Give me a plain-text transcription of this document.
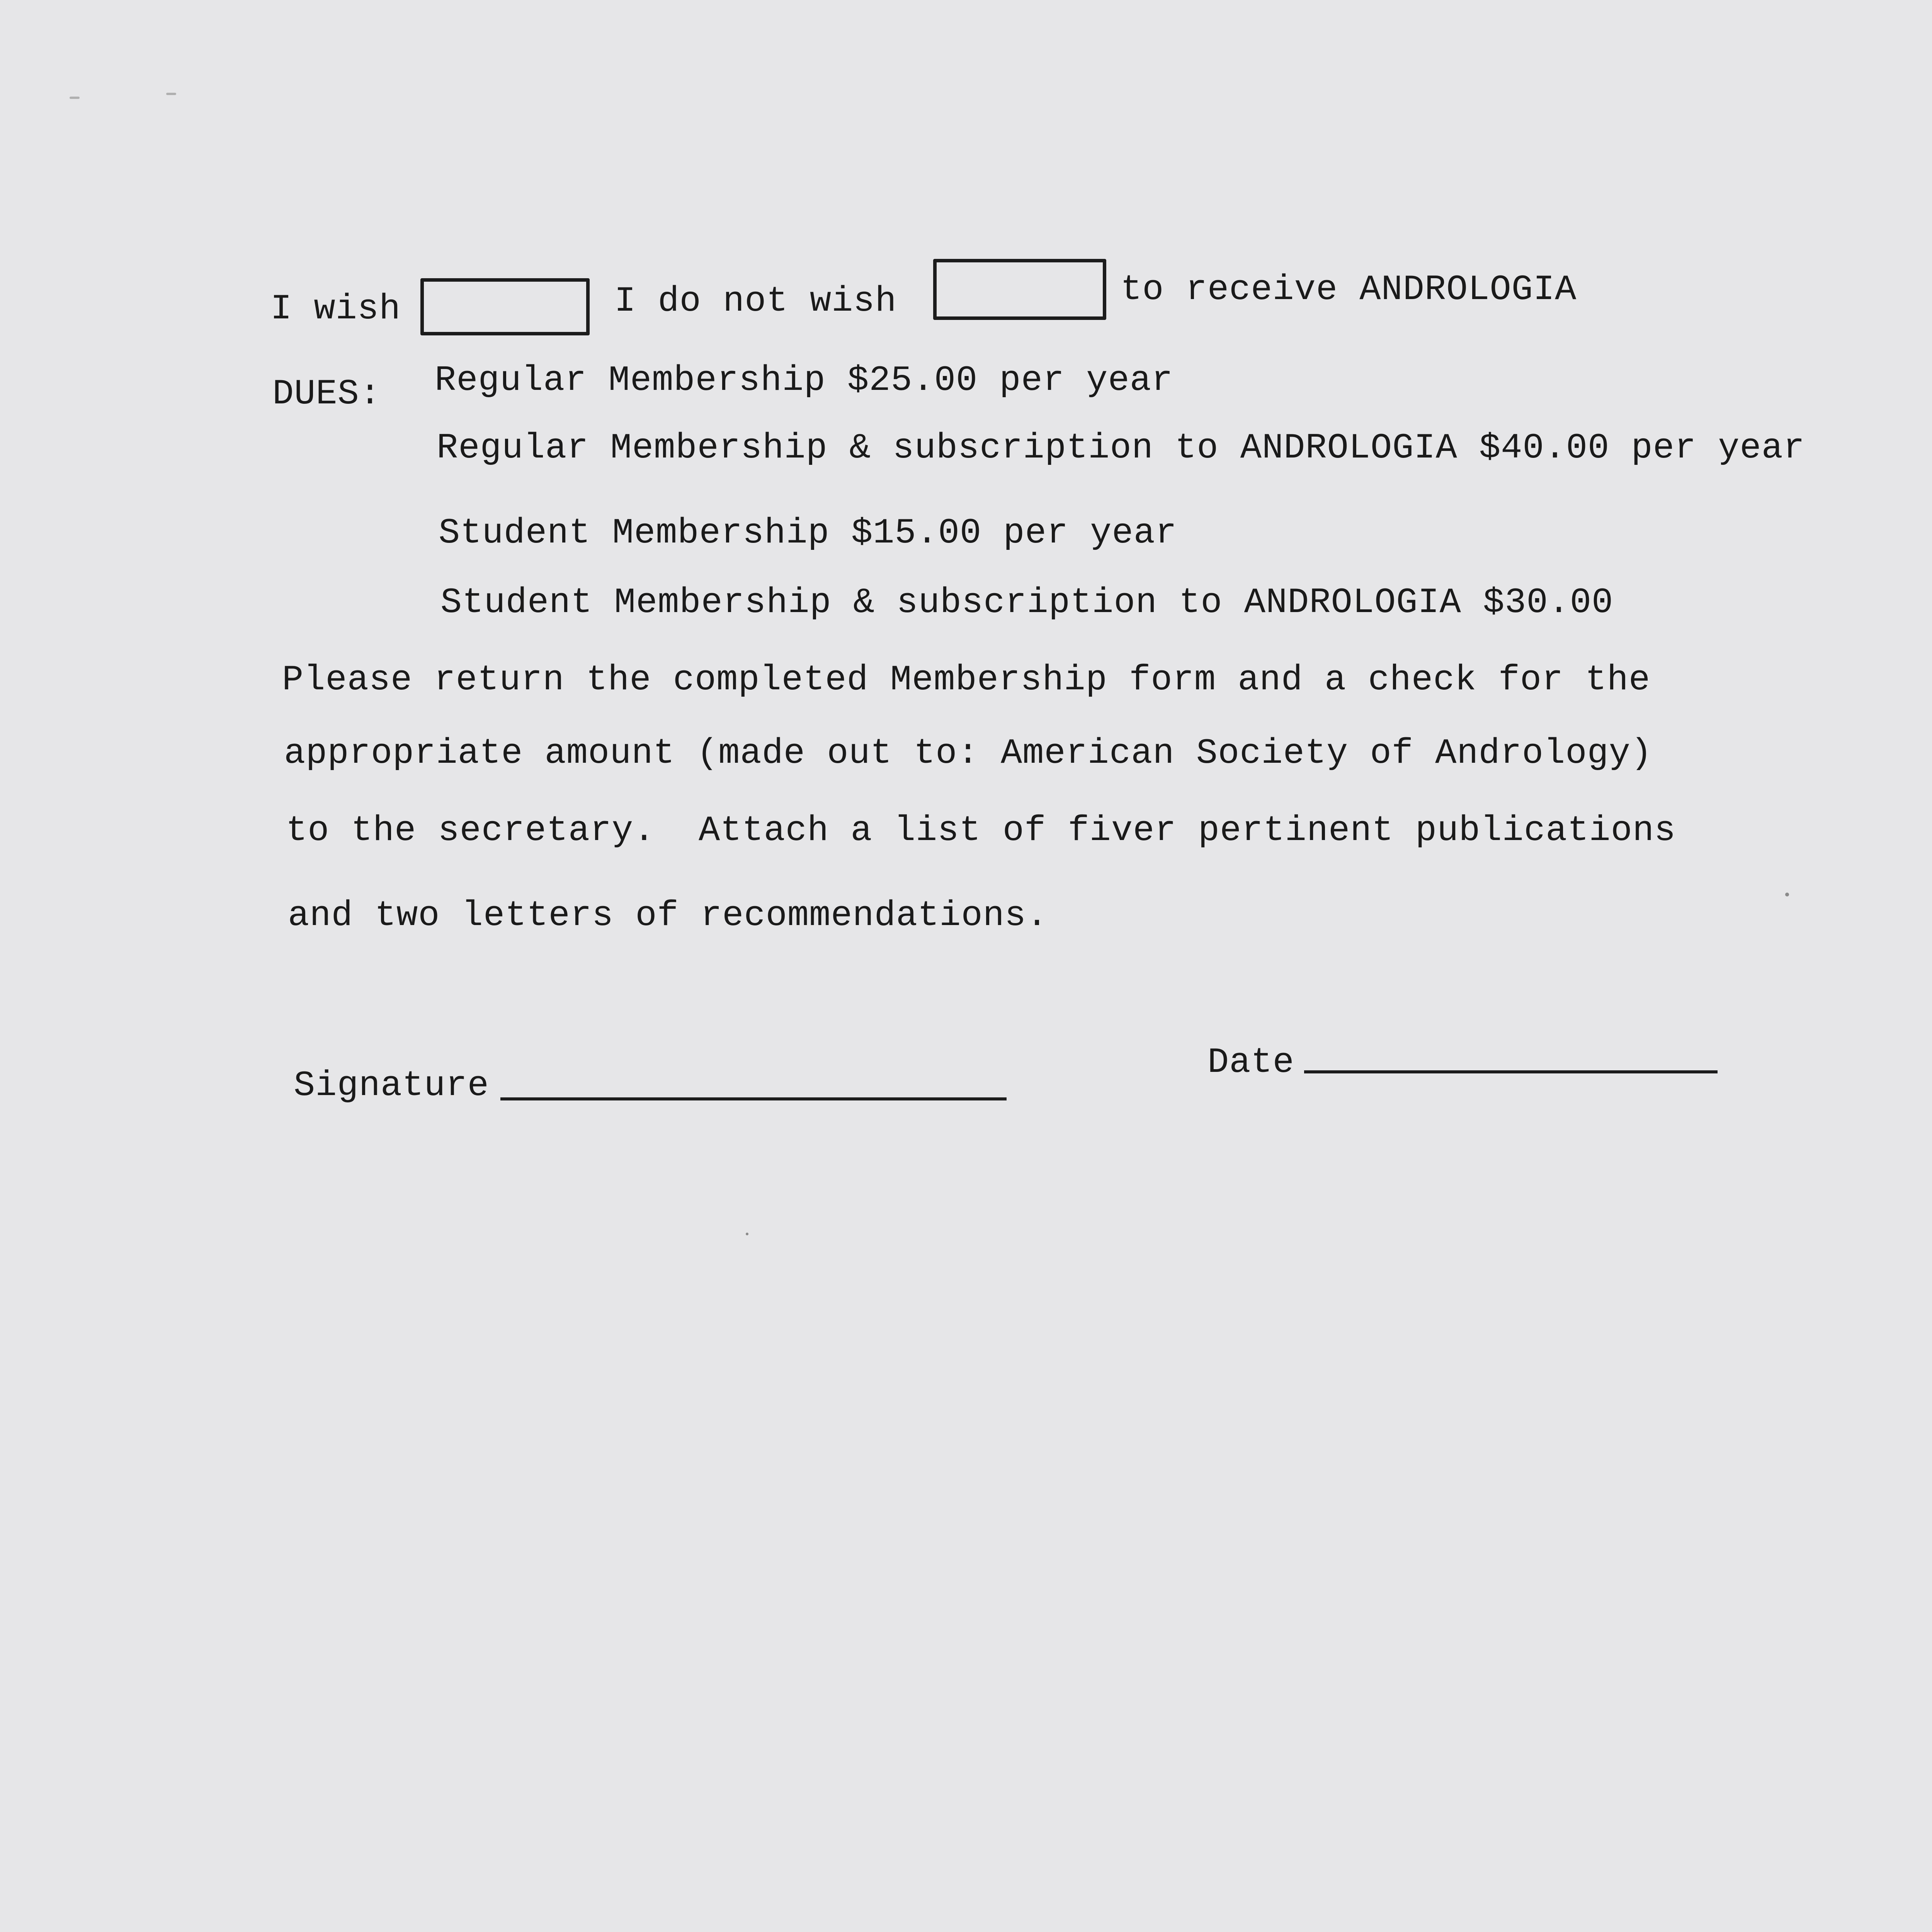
I wish	I do not wish	to receive ANDROLOGIA
DUES: Regular Membership $25.00 per year
Regular Membership & subscription to ANDROLOGIA $40.00 per year
Student Membership $15.00 per year
Student Membership & subscription to ANDROLOGIA $30.00
Please return the completed Membership form and a check for the
appropriate amount (made out to: American Society of Andrology)
to the secretary.  Attach a list of fiver pertinent publications
and two letters of recommendations.
Signature
Date
